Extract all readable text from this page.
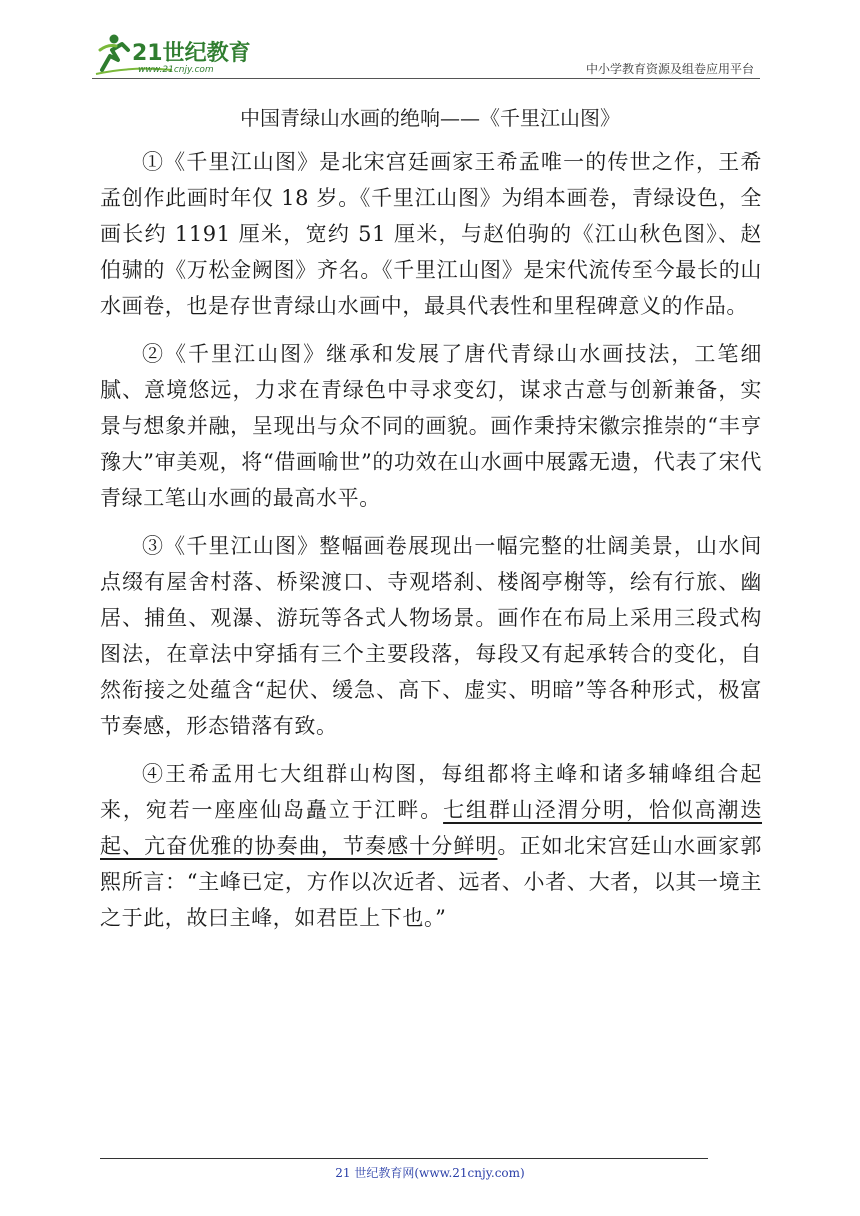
21世纪教育
www.21cnjy.com	中小学教育资源及组卷应用平台
中国青绿山水画的绝响——《千里江山图》

①《千里江山图》是北宋宫廷画家王希孟唯一的传世之作，王希孟创作此画时年仅 18 岁。《千里江山图》为绢本画卷，青绿设色，全画长约 1191 厘米，宽约 51 厘米，与赵伯驹的《江山秋色图》、赵伯骕的《万松金阙图》齐名。《千里江山图》是宋代流传至今最长的山水画卷，也是存世青绿山水画中，最具代表性和里程碑意义的作品。

②《千里江山图》继承和发展了唐代青绿山水画技法，工笔细腻、意境悠远，力求在青绿色中寻求变幻，谋求古意与创新兼备，实景与想象并融，呈现出与众不同的画貌。画作秉持宋徽宗推崇的“丰亨豫大”审美观，将“借画喻世”的功效在山水画中展露无遗，代表了宋代青绿工笔山水画的最高水平。

③《千里江山图》整幅画卷展现出一幅完整的壮阔美景，山水间点缀有屋舍村落、桥梁渡口、寺观塔刹、楼阁亭榭等，绘有行旅、幽居、捕鱼、观瀑、游玩等各式人物场景。画作在布局上采用三段式构图法，在章法中穿插有三个主要段落，每段又有起承转合的变化，自然衔接之处蕴含“起伏、缓急、高下、虚实、明暗”等各种形式，极富节奏感，形态错落有致。

④王希孟用七大组群山构图，每组都将主峰和诸多辅峰组合起来，宛若一座座仙岛矗立于江畔。七组群山泾渭分明，恰似高潮迭起、亢奋优雅的协奏曲，节奏感十分鲜明。正如北宋宫廷山水画家郭熙所言：“主峰已定，方作以次近者、远者、小者、大者，以其一境主之于此，故曰主峰，如君臣上下也。”

21 世纪教育网(www.21cnjy.com)
